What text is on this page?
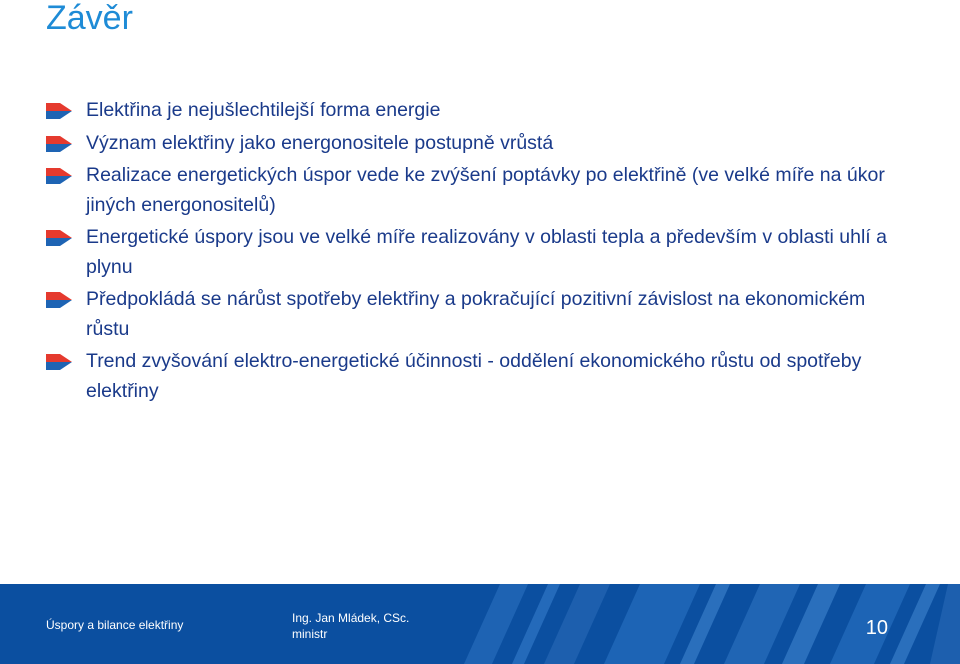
Závěr
Elektřina je nejušlechtilejší forma energie
Význam elektřiny jako energonositele postupně vrůstá
Realizace energetických úspor vede ke zvýšení poptávky po elektřině (ve velké míře na úkor jiných energonositelů)
Energetické úspory jsou ve velké míře realizovány v oblasti tepla a především v oblasti uhlí a plynu
Předpokládá se nárůst spotřeby elektřiny a pokračující pozitivní závislost na ekonomickém růstu
Trend zvyšování elektro-energetické účinnosti - oddělení ekonomického růstu od spotřeby elektřiny
Úspory a bilance elektřiny	Ing. Jan Mládek, CSc.
ministr	10
